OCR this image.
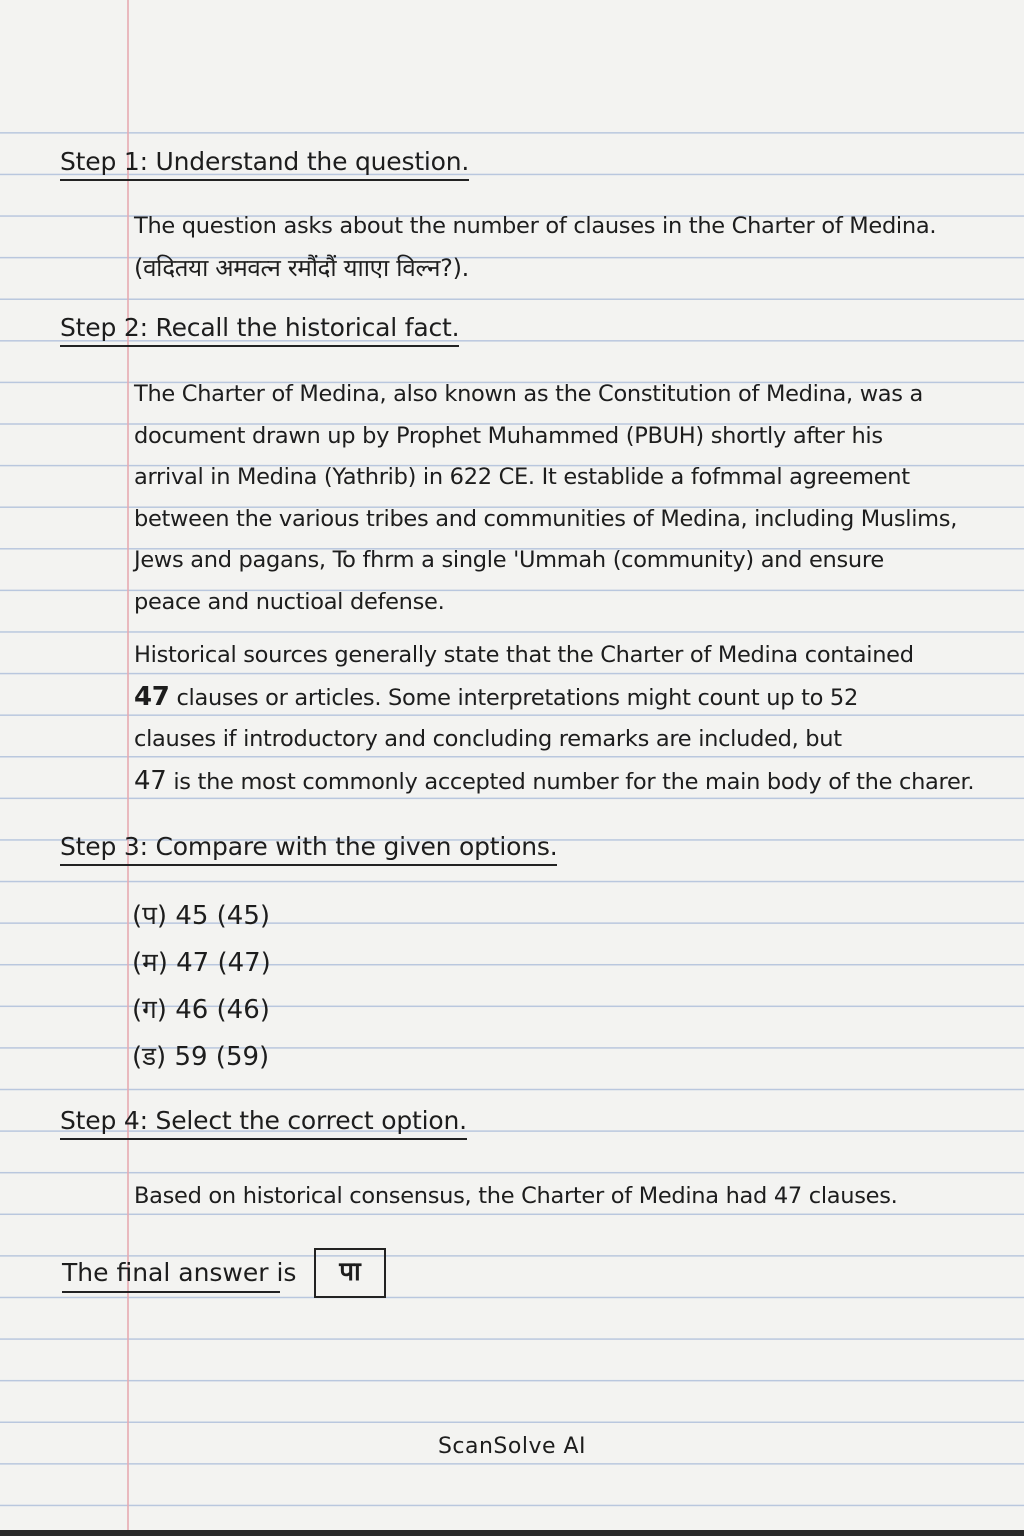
Step 1: Understand the question.
The question asks about the number of clauses in the Charter of Medina.
(वदितया अमवत्न रमौंदौं यााएा विल्न?).
Step 2: Recall the historical fact.
The Charter of Medina, also known as the Constitution of Medina, was a
document drawn up by Prophet Muhammed (PBUH) shortly after his
arrival in Medina (Yathrib) in 622 CE. It establide a fofmmal agreement
between the various tribes and communities of Medina, including Muslims,
Jews and pagans, To fhrm a single 'Ummah (community) and ensure
peace and nuctioal defense.
Historical sources generally state that the Charter of Medina contained
47 clauses or articles. Some interpretations might count up to 52
clauses if introductory and concluding remarks are included, but
47 is the most commonly accepted number for the main body of the charer.
Step 3: Compare with the given options.
(प) 45 (45)
(म) 47 (47)
(ग) 46 (46)
(ड) 59 (59)
Step 4: Select the correct option.
Based on historical consensus, the Charter of Medina had 47 clauses.
The final answer is	पा
ScanSolve AI
